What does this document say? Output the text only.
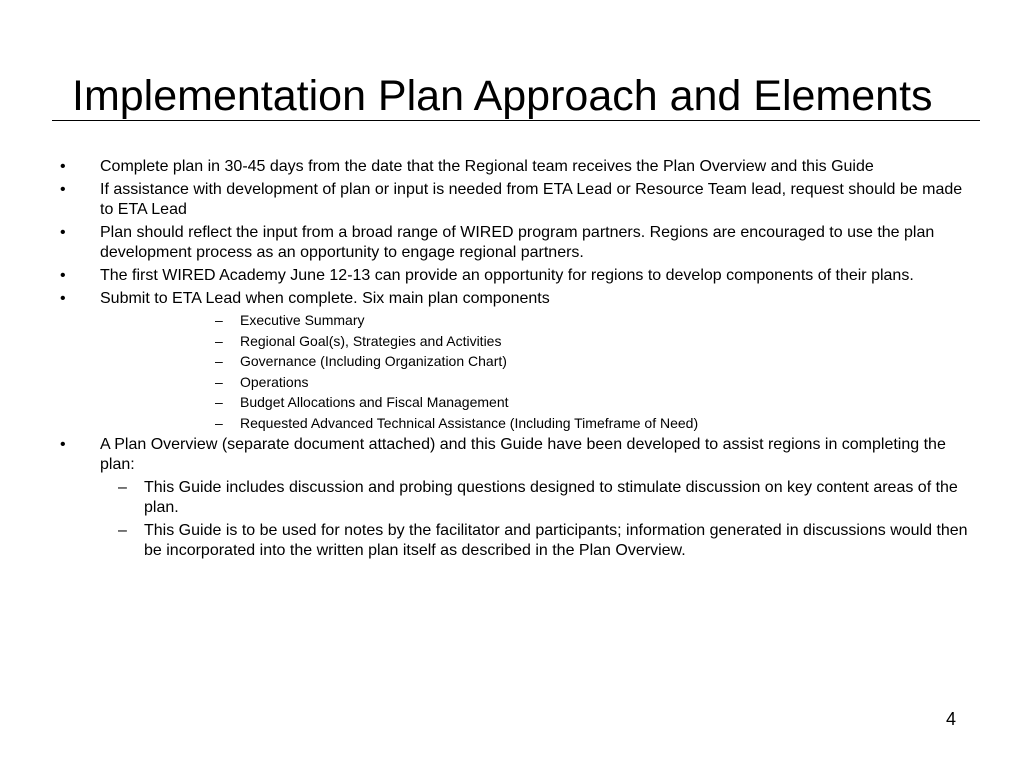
Implementation Plan Approach and Elements
• Complete plan in 30-45 days from the date that the Regional team receives the Plan Overview and this Guide
• If assistance with development of plan or input is needed from ETA Lead or Resource Team lead, request should be made to ETA Lead
• Plan should reflect the input from a broad range of WIRED program partners. Regions are encouraged to use the plan development process as an opportunity to engage regional partners.
• The first WIRED Academy June 12-13 can provide an opportunity for regions to develop components of their plans.
• Submit to ETA Lead when complete. Six main plan components
– Executive Summary
– Regional Goal(s), Strategies and Activities
– Governance (Including Organization Chart)
– Operations
– Budget Allocations and Fiscal Management
– Requested Advanced Technical Assistance (Including Timeframe of Need)
• A Plan Overview (separate document attached) and this Guide have been developed to assist regions in completing the plan:
– This Guide includes discussion and probing questions designed to stimulate discussion on key content areas of the plan.
– This Guide is to be used for notes by the facilitator and participants; information generated in discussions would then be incorporated into the written plan itself as described in the Plan Overview.
4
